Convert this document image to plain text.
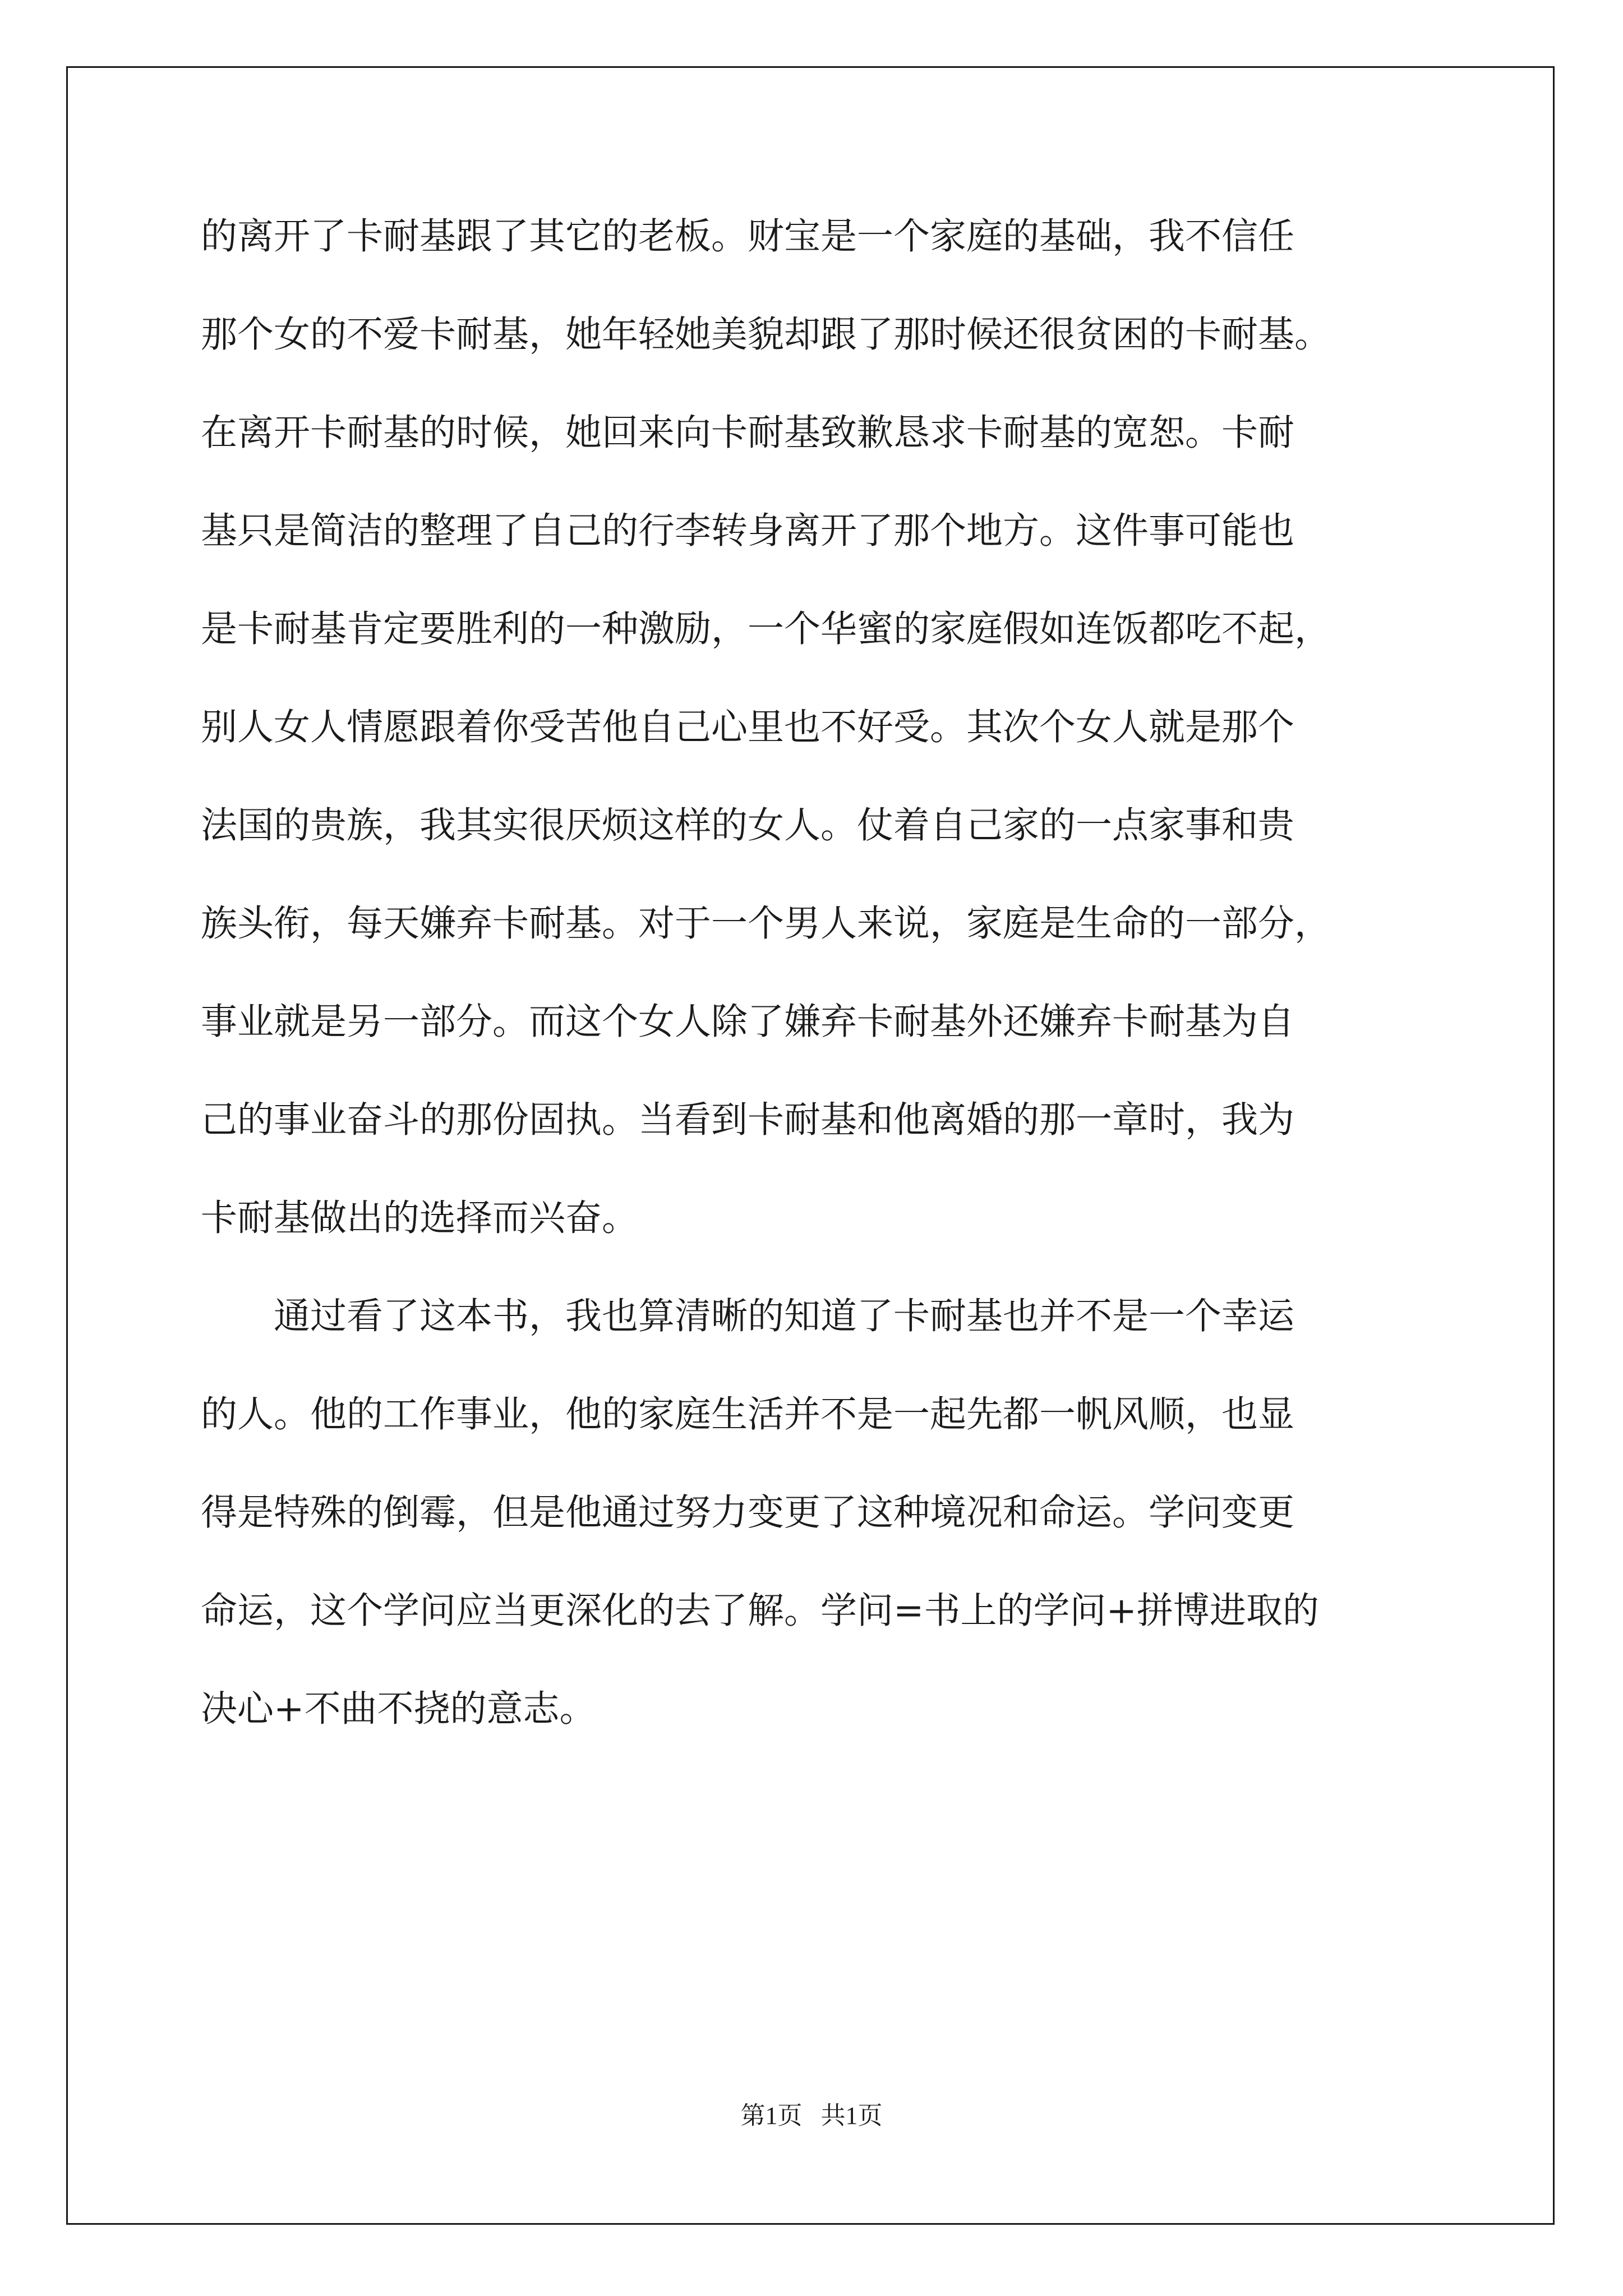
的离开了卡耐基跟了其它的老板。财宝是一个家庭的基础，我不信任
那个女的不爱卡耐基，她年轻她美貌却跟了那时候还很贫困的卡耐基。
在离开卡耐基的时候，她回来向卡耐基致歉恳求卡耐基的宽恕。卡耐
基只是简洁的整理了自己的行李转身离开了那个地方。这件事可能也
是卡耐基肯定要胜利的一种激励，一个华蜜的家庭假如连饭都吃不起，
别人女人情愿跟着你受苦他自己心里也不好受。其次个女人就是那个
法国的贵族，我其实很厌烦这样的女人。仗着自己家的一点家事和贵
族头衔，每天嫌弃卡耐基。对于一个男人来说，家庭是生命的一部分，
事业就是另一部分。而这个女人除了嫌弃卡耐基外还嫌弃卡耐基为自
己的事业奋斗的那份固执。当看到卡耐基和他离婚的那一章时，我为
卡耐基做出的选择而兴奋。
通过看了这本书，我也算清晰的知道了卡耐基也并不是一个幸运
的人。他的工作事业，他的家庭生活并不是一起先都一帆风顺，也显
得是特殊的倒霉，但是他通过努力变更了这种境况和命运。学问变更
命运，这个学问应当更深化的去了解。学问=书上的学问+拼博进取的
决心+不曲不挠的意志。
第1页   共1页
